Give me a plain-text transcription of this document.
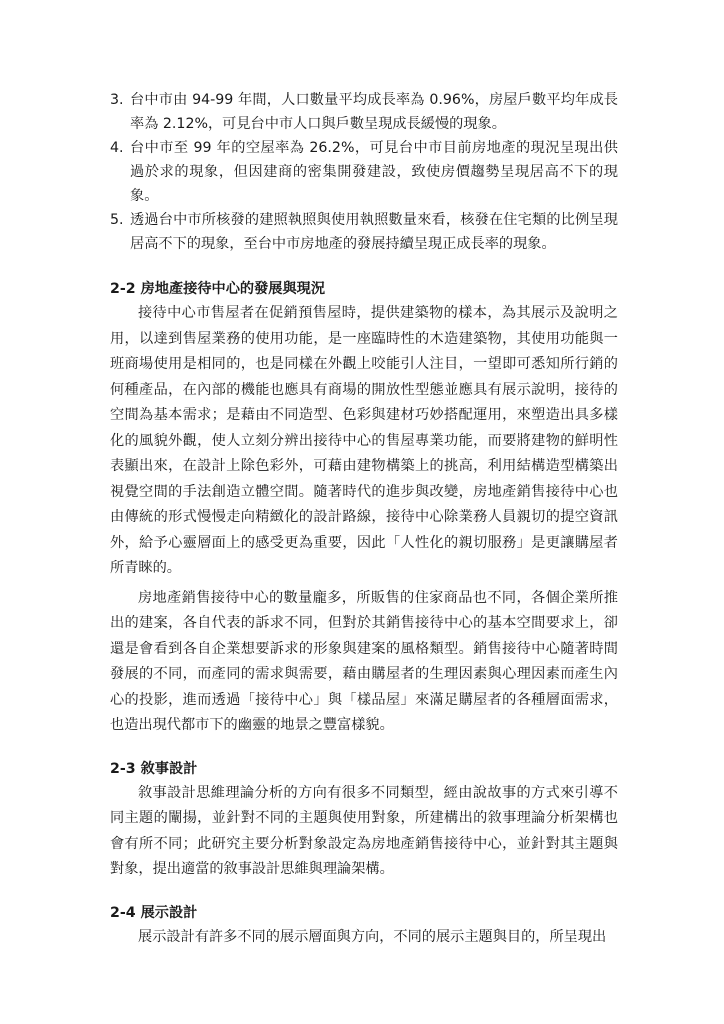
3. 台中市由 94-99 年間，人口數量平均成長率為 0.96%，房屋戶數平均年成長率為 2.12%，可見台中市人口與戶數呈現成長緩慢的現象。
4. 台中市至 99 年的空屋率為 26.2%，可見台中市目前房地產的現況呈現出供過於求的現象，但因建商的密集開發建設，致使房價趨勢呈現居高不下的現象。
5. 透過台中市所核發的建照執照與使用執照數量來看，核發在住宅類的比例呈現居高不下的現象，至台中市房地產的發展持續呈現正成長率的現象。
2-2 房地產接待中心的發展與現況

接待中心市售屋者在促銷預售屋時，提供建築物的樣本，為其展示及說明之用，以達到售屋業務的使用功能，是一座臨時性的木造建築物，其使用功能與一班商場使用是相同的，也是同樣在外觀上咬能引人注目，一望即可悉知所行銷的何種產品，在內部的機能也應具有商場的開放性型態並應具有展示說明，接待的空間為基本需求；是藉由不同造型、色彩與建材巧妙搭配運用，來塑造出具多樣化的風貌外觀，使人立刻分辨出接待中心的售屋專業功能，而要將建物的鮮明性表顯出來，在設計上除色彩外，可藉由建物構築上的挑高，利用結構造型構築出視覺空間的手法創造立體空間。隨著時代的進步與改變，房地產銷售接待中心也由傳統的形式慢慢走向精緻化的設計路線，接待中心除業務人員親切的提空資訊外，給予心靈層面上的感受更為重要，因此「人性化的親切服務」是更讓購屋者所青睞的。

房地產銷售接待中心的數量龐多，所販售的住家商品也不同，各個企業所推出的建案，各自代表的訴求不同，但對於其銷售接待中心的基本空間要求上，卻還是會看到各自企業想要訴求的形象與建案的風格類型。銷售接待中心隨著時間發展的不同，而產同的需求與需要，藉由購屋者的生理因素與心理因素而產生內心的投影，進而透過「接待中心」與「樣品屋」來滿足購屋者的各種層面需求，也造出現代都市下的幽靈的地景之豐富樣貌。

2-3 敘事設計

敘事設計思維理論分析的方向有很多不同類型，經由說故事的方式來引導不同主題的闡揚，並針對不同的主題與使用對象，所建構出的敘事理論分析架構也會有所不同；此研究主要分析對象設定為房地產銷售接待中心，並針對其主題與對象，提出適當的敘事設計思維與理論架構。

2-4 展示設計

展示設計有許多不同的展示層面與方向，不同的展示主題與目的，所呈現出
